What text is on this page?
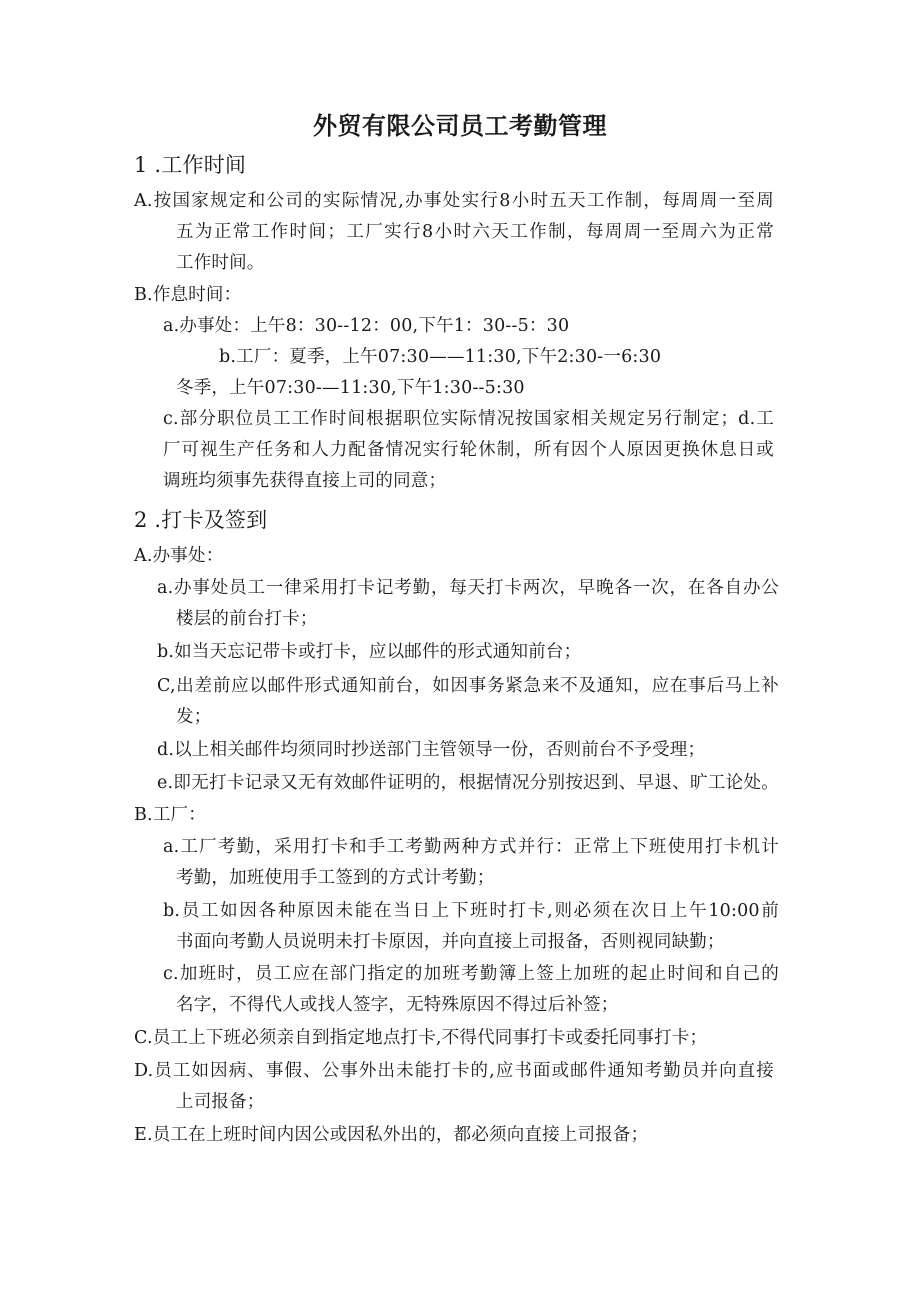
外贸有限公司员工考勤管理

1 .工作时间

A.按国家规定和公司的实际情况,办事处实行8小时五天工作制，每周周一至周

五为正常工作时间；工厂实行8小时六天工作制，每周周一至周六为正常

工作时间。

B.作息时间：

a.办事处：上午8：30--12：00,下午1：30--5：30

b.工厂：夏季，上午07:30——11:30,下午2:30-一6:30

冬季，上午07:30-—11:30,下午1:30--5:30

c.部分职位员工工作时间根据职位实际情况按国家相关规定另行制定；d.工

厂可视生产任务和人力配备情况实行轮休制，所有因个人原因更换休息日或

调班均须事先获得直接上司的同意；

2 .打卡及签到

A.办事处：

a.办事处员工一律采用打卡记考勤，每天打卡两次，早晚各一次，在各自办公

楼层的前台打卡；

b.如当天忘记带卡或打卡，应以邮件的形式通知前台；

C,出差前应以邮件形式通知前台，如因事务紧急来不及通知，应在事后马上补

发；

d.以上相关邮件均须同时抄送部门主管领导一份，否则前台不予受理；

e.即无打卡记录又无有效邮件证明的，根据情况分别按迟到、早退、旷工论处。

B.工厂：

a.工厂考勤，采用打卡和手工考勤两种方式并行：正常上下班使用打卡机计

考勤，加班使用手工签到的方式计考勤；

b.员工如因各种原因未能在当日上下班时打卡,则必须在次日上午10:00前

书面向考勤人员说明未打卡原因，并向直接上司报备，否则视同缺勤；

c.加班时，员工应在部门指定的加班考勤簿上签上加班的起止时间和自己的

名字，不得代人或找人签字，无特殊原因不得过后补签；

C.员工上下班必须亲自到指定地点打卡,不得代同事打卡或委托同事打卡；

D.员工如因病、事假、公事外出未能打卡的,应书面或邮件通知考勤员并向直接

上司报备；

E.员工在上班时间内因公或因私外出的，都必须向直接上司报备；
